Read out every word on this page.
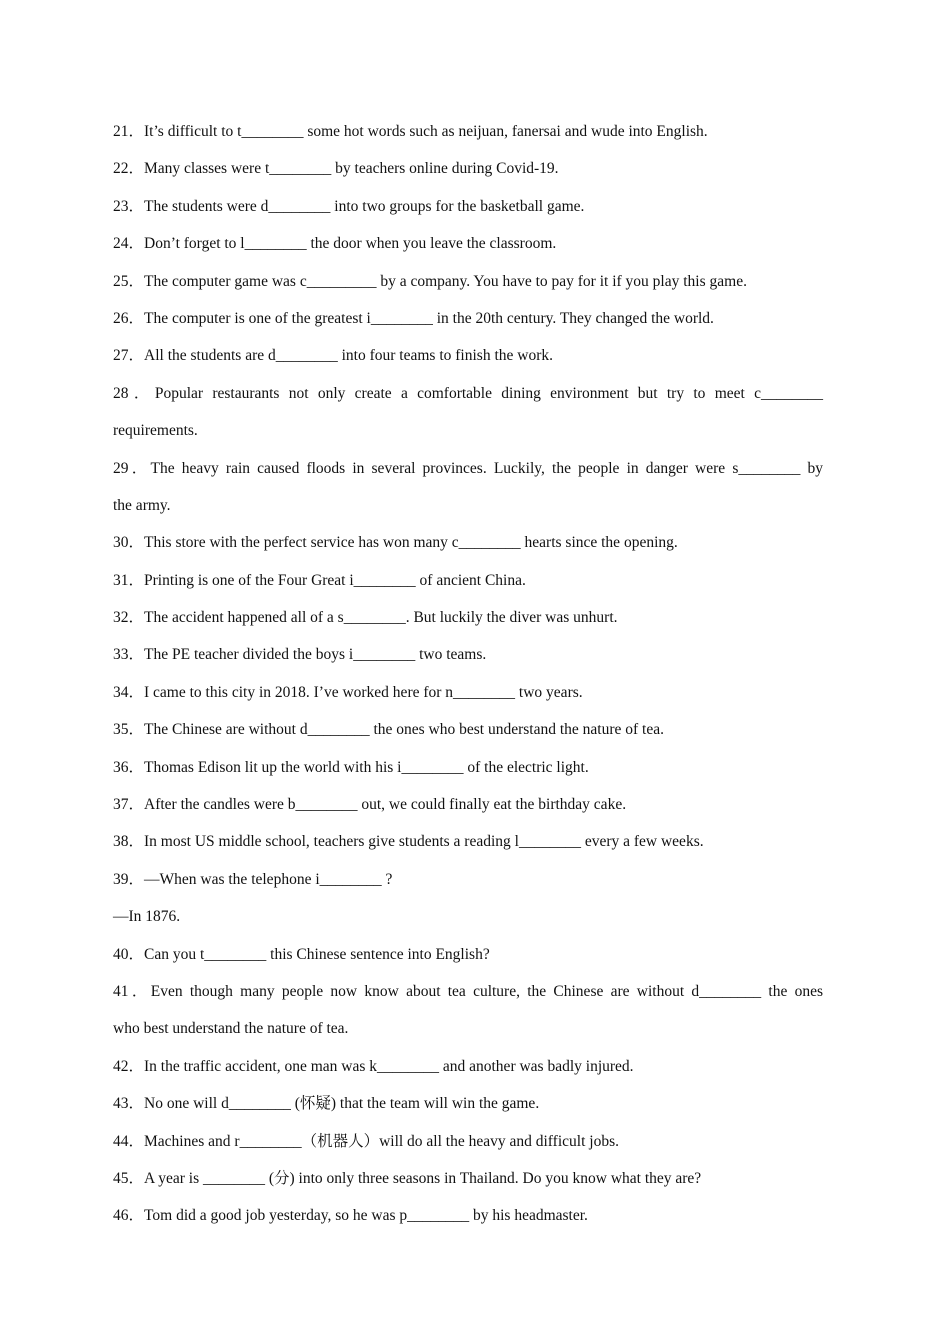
21．It’s difficult to t________ some hot words such as neijuan, fanersai and wude into English.
22．Many classes were t________ by teachers online during Covid-19.
23．The students were d________ into two groups for the basketball game.
24．Don’t forget to l________ the door when you leave the classroom.
25．The computer game was c_________ by a company. You have to pay for it if you play this game.
26．The computer is one of the greatest i________ in the 20th century. They changed the world.
27．All the students are d________ into four teams to finish the work.
28．Popular restaurants not only create a comfortable dining environment but try to meet c________
requirements.
29．The heavy rain caused floods in several provinces. Luckily, the people in danger were s________ by
the army.
30．This store with the perfect service has won many c________ hearts since the opening.
31．Printing is one of the Four Great i________ of ancient China.
32．The accident happened all of a s________. But luckily the diver was unhurt.
33．The PE teacher divided the boys i________ two teams.
34．I came to this city in 2018. I’ve worked here for n________ two years.
35．The Chinese are without d________ the ones who best understand the nature of tea.
36．Thomas Edison lit up the world with his i________ of the electric light.
37．After the candles were b________ out, we could finally eat the birthday cake.
38．In most US middle school, teachers give students a reading l________ every a few weeks.
39．—When was the telephone i________ ?
—In 1876.
40．Can you t________ this Chinese sentence into English?
41．Even though many people now know about tea culture, the Chinese are without d________ the ones
who best understand the nature of tea.
42．In the traffic accident, one man was k________ and another was badly injured.
43．No one will d________ (怀疑) that the team will win the game.
44．Machines and r________（机器人）will do all the heavy and difficult jobs.
45．A year is ________ (分) into only three seasons in Thailand. Do you know what they are?
46．Tom did a good job yesterday, so he was p________ by his headmaster.
